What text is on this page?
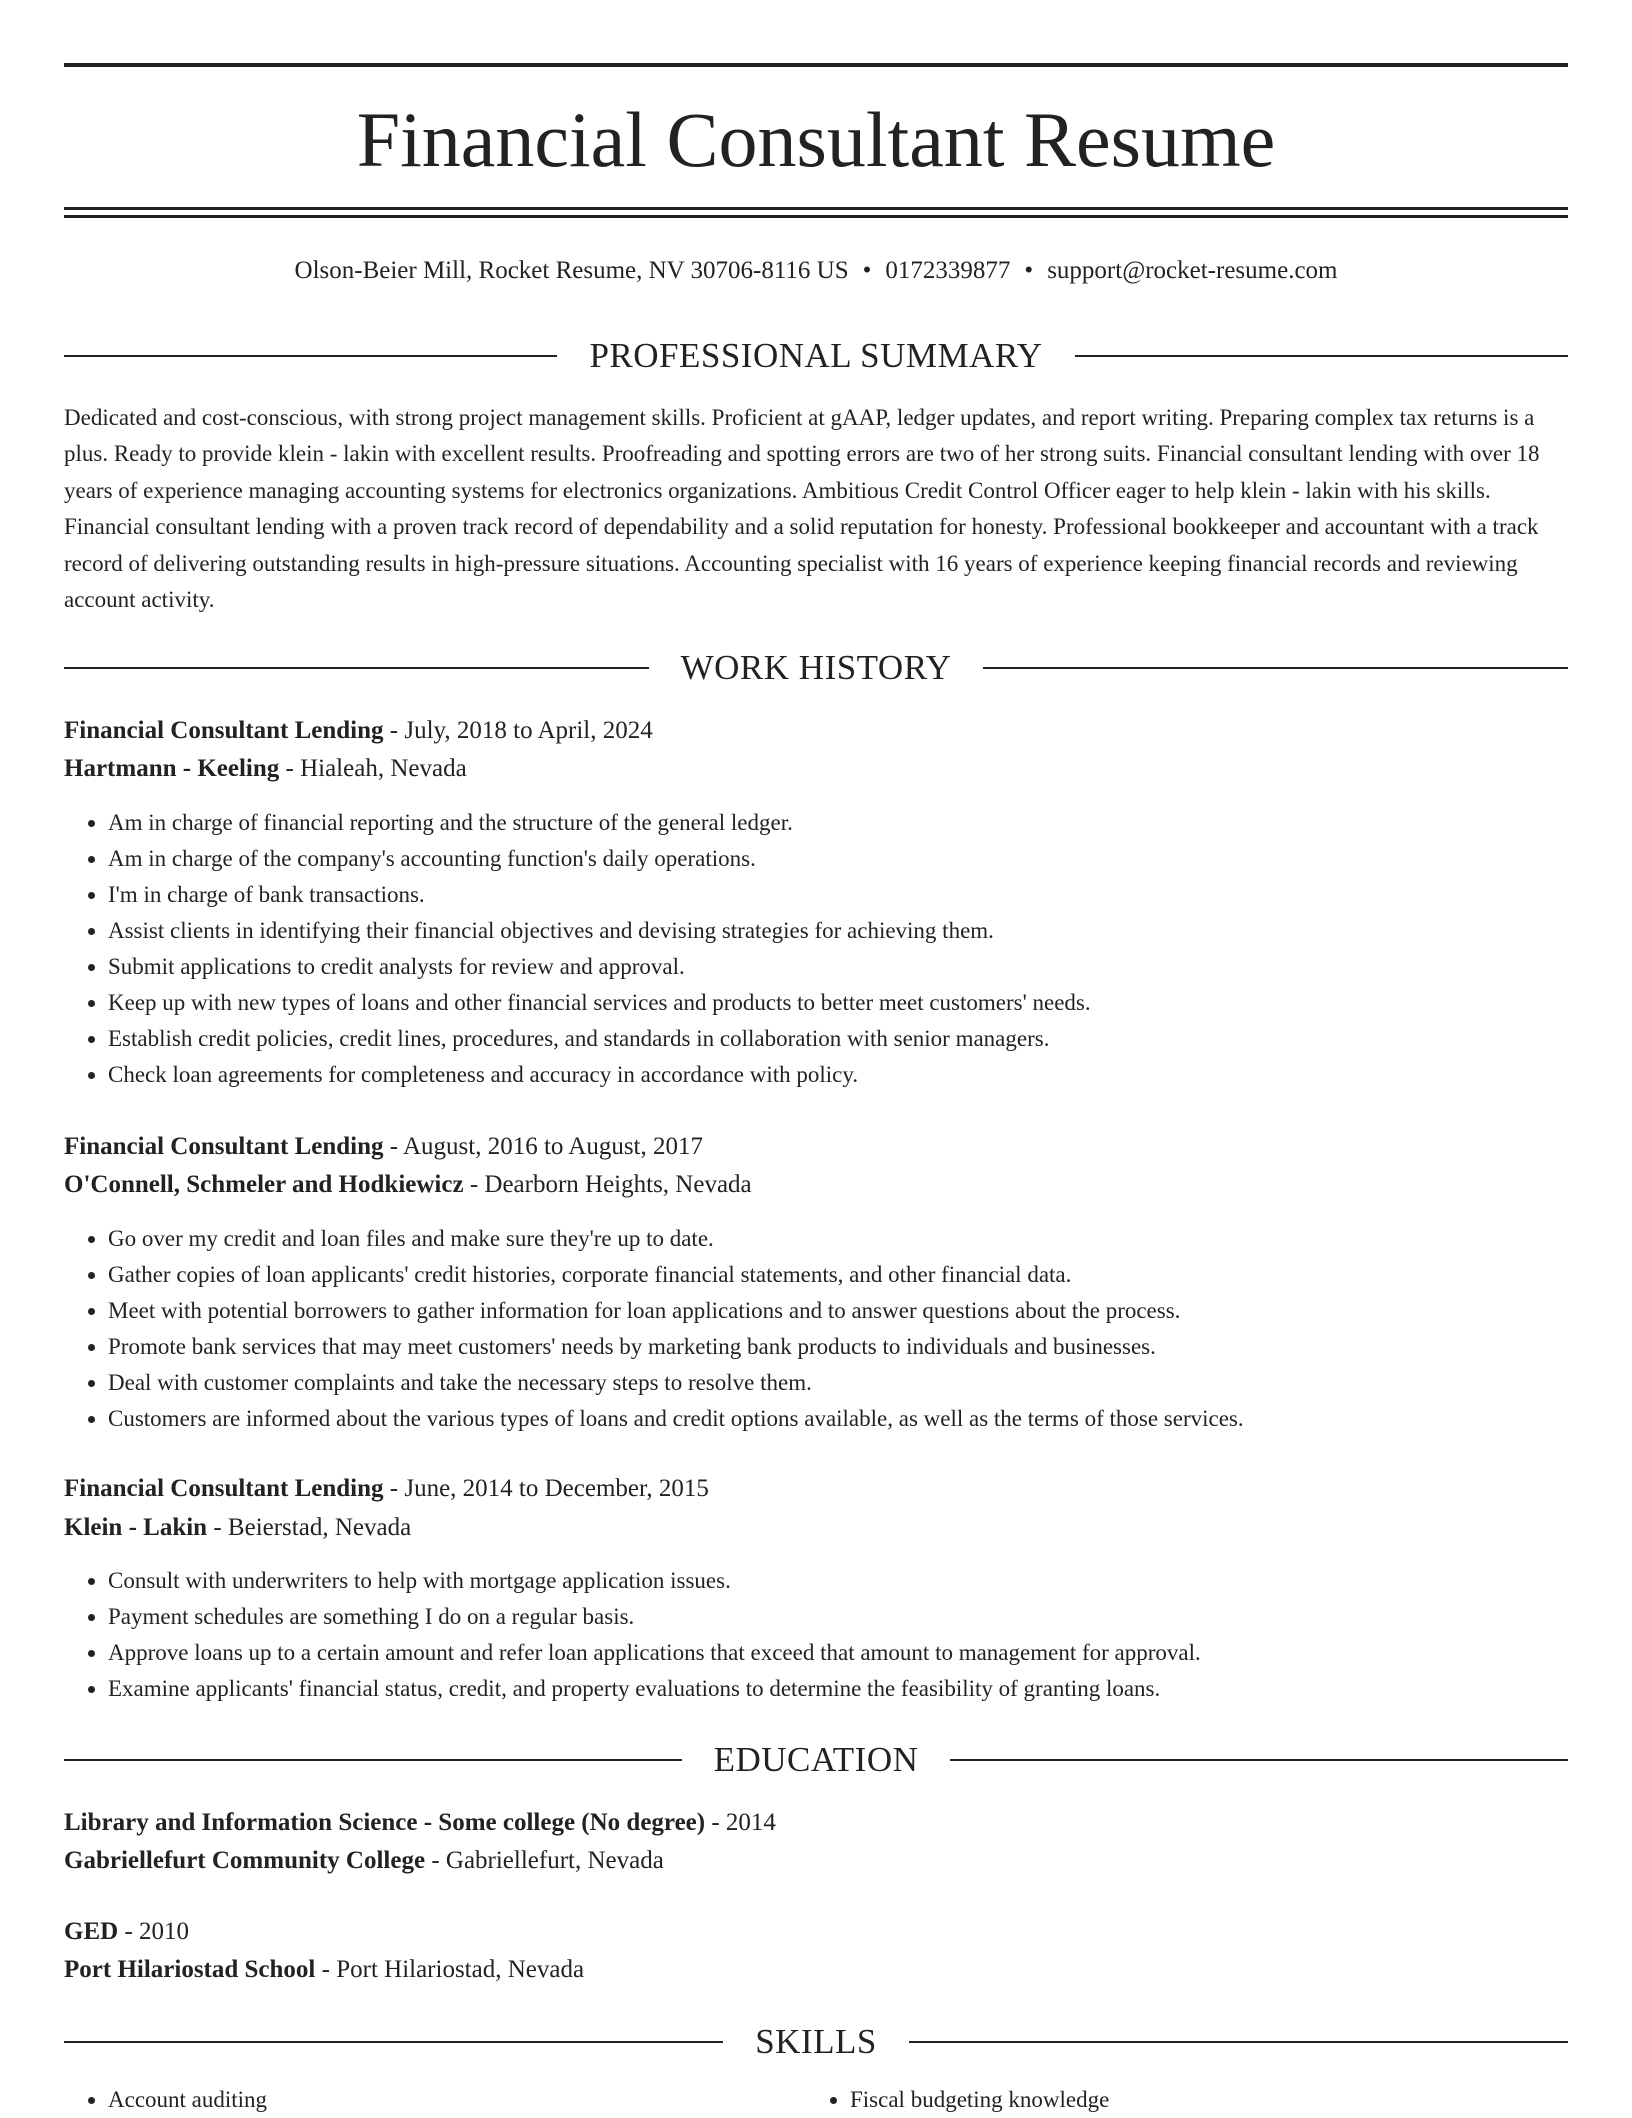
Financial Consultant Resume
Olson-Beier Mill, Rocket Resume, NV 30706-8116 US • 0172339877 • support@rocket-resume.com
PROFESSIONAL SUMMARY

Dedicated and cost-conscious, with strong project management skills. Proficient at gAAP, ledger updates, and report writing. Preparing complex tax returns is a plus. Ready to provide klein - lakin with excellent results. Proofreading and spotting errors are two of her strong suits. Financial consultant lending with over 18 years of experience managing accounting systems for electronics organizations. Ambitious Credit Control Officer eager to help klein - lakin with his skills. Financial consultant lending with a proven track record of dependability and a solid reputation for honesty. Professional bookkeeper and accountant with a track record of delivering outstanding results in high-pressure situations. Accounting specialist with 16 years of experience keeping financial records and reviewing account activity.

WORK HISTORY
Financial Consultant Lending - July, 2018 to April, 2024
Hartmann - Keeling - Hialeah, Nevada
• Am in charge of financial reporting and the structure of the general ledger.
• Am in charge of the company's accounting function's daily operations.
• I'm in charge of bank transactions.
• Assist clients in identifying their financial objectives and devising strategies for achieving them.
• Submit applications to credit analysts for review and approval.
• Keep up with new types of loans and other financial services and products to better meet customers' needs.
• Establish credit policies, credit lines, procedures, and standards in collaboration with senior managers.
• Check loan agreements for completeness and accuracy in accordance with policy.
Financial Consultant Lending - August, 2016 to August, 2017
O'Connell, Schmeler and Hodkiewicz - Dearborn Heights, Nevada
• Go over my credit and loan files and make sure they're up to date.
• Gather copies of loan applicants' credit histories, corporate financial statements, and other financial data.
• Meet with potential borrowers to gather information for loan applications and to answer questions about the process.
• Promote bank services that may meet customers' needs by marketing bank products to individuals and businesses.
• Deal with customer complaints and take the necessary steps to resolve them.
• Customers are informed about the various types of loans and credit options available, as well as the terms of those services.
Financial Consultant Lending - June, 2014 to December, 2015
Klein - Lakin - Beierstad, Nevada
• Consult with underwriters to help with mortgage application issues.
• Payment schedules are something I do on a regular basis.
• Approve loans up to a certain amount and refer loan applications that exceed that amount to management for approval.
• Examine applicants' financial status, credit, and property evaluations to determine the feasibility of granting loans.
EDUCATION
Library and Information Science - Some college (No degree) - 2014
Gabriellefurt Community College - Gabriellefurt, Nevada
GED - 2010
Port Hilariostad School - Port Hilariostad, Nevada
SKILLS
• Account auditing
•	Fiscal budgeting knowledge
